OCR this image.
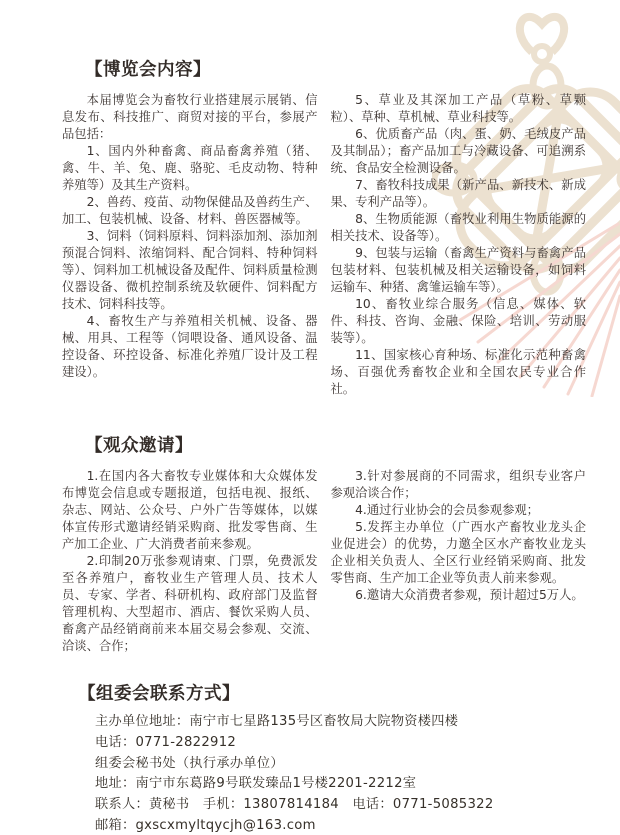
【博览会内容】

本届博览会为畜牧行业搭建展示展销、信息发布、科技推广、商贸对接的平台，参展产品包括：

1、国内外种畜禽、商品畜禽养殖（猪、禽、牛、羊、兔、鹿、骆驼、毛皮动物、特种养殖等）及其生产资料。

2、兽药、疫苗、动物保健品及兽药生产、加工、包装机械、设备、材料、兽医器械等。

3、饲料（饲料原料、饲料添加剂、添加剂预混合饲料、浓缩饲料、配合饲料、特种饲料等）、饲料加工机械设备及配件、饲料质量检测仪器设备、微机控制系统及软硬件、饲料配方技术、饲料科技等。

4、畜牧生产与养殖相关机械、设备、器械、用具、工程等（饲喂设备、通风设备、温控设备、环控设备、标准化养殖厂设计及工程建设）。

5、草业及其深加工产品（草粉、草颗粒）、草种、草机械、草业科技等。

6、优质畜产品（肉、蛋、奶、毛绒皮产品及其制品）；畜产品加工与冷藏设备、可追溯系统、食品安全检测设备。

7、畜牧科技成果（新产品、新技术、新成果、专利产品等）。

8、生物质能源（畜牧业利用生物质能源的相关技术、设备等）。

9、包装与运输（畜禽生产资料与畜禽产品包装材料、包装机械及相关运输设备，如饲料运输车、种猪、禽雏运输车等）。

10、畜牧业综合服务（信息、媒体、软件、科技、咨询、金融、保险、培训、劳动服装等）。

11、国家核心育种场、标准化示范种畜禽场、百强优秀畜牧企业和全国农民专业合作社。

【观众邀请】

1.在国内各大畜牧专业媒体和大众媒体发布博览会信息或专题报道，包括电视、报纸、杂志、网站、公众号、户外广告等媒体，以媒体宣传形式邀请经销采购商、批发零售商、生产加工企业、广大消费者前来参观。

2.印制20万张参观请柬、门票，免费派发至各养殖户，畜牧业生产管理人员、技术人员、专家、学者、科研机构、政府部门及监督管理机构、大型超市、酒店、餐饮采购人员、畜禽产品经销商前来本届交易会参观、交流、洽谈、合作；

3.针对参展商的不同需求，组织专业客户参观洽谈合作；

4.通过行业协会的会员参观参观；

5.发挥主办单位（广西水产畜牧业龙头企业促进会）的优势，力邀全区水产畜牧业龙头企业相关负责人、全区行业经销采购商、批发零售商、生产加工企业等负责人前来参观。

6.邀请大众消费者参观，预计超过5万人。

【组委会联系方式】

主办单位地址：南宁市七星路135号区畜牧局大院物资楼四楼

电话：0771-2822912

组委会秘书处（执行承办单位）

地址：南宁市东葛路9号联发臻品1号楼2201-2212室

联系人：黄秘书　手机：13807814184　电话：0771-5085322

邮箱：gxscxmyltqycjh@163.com
